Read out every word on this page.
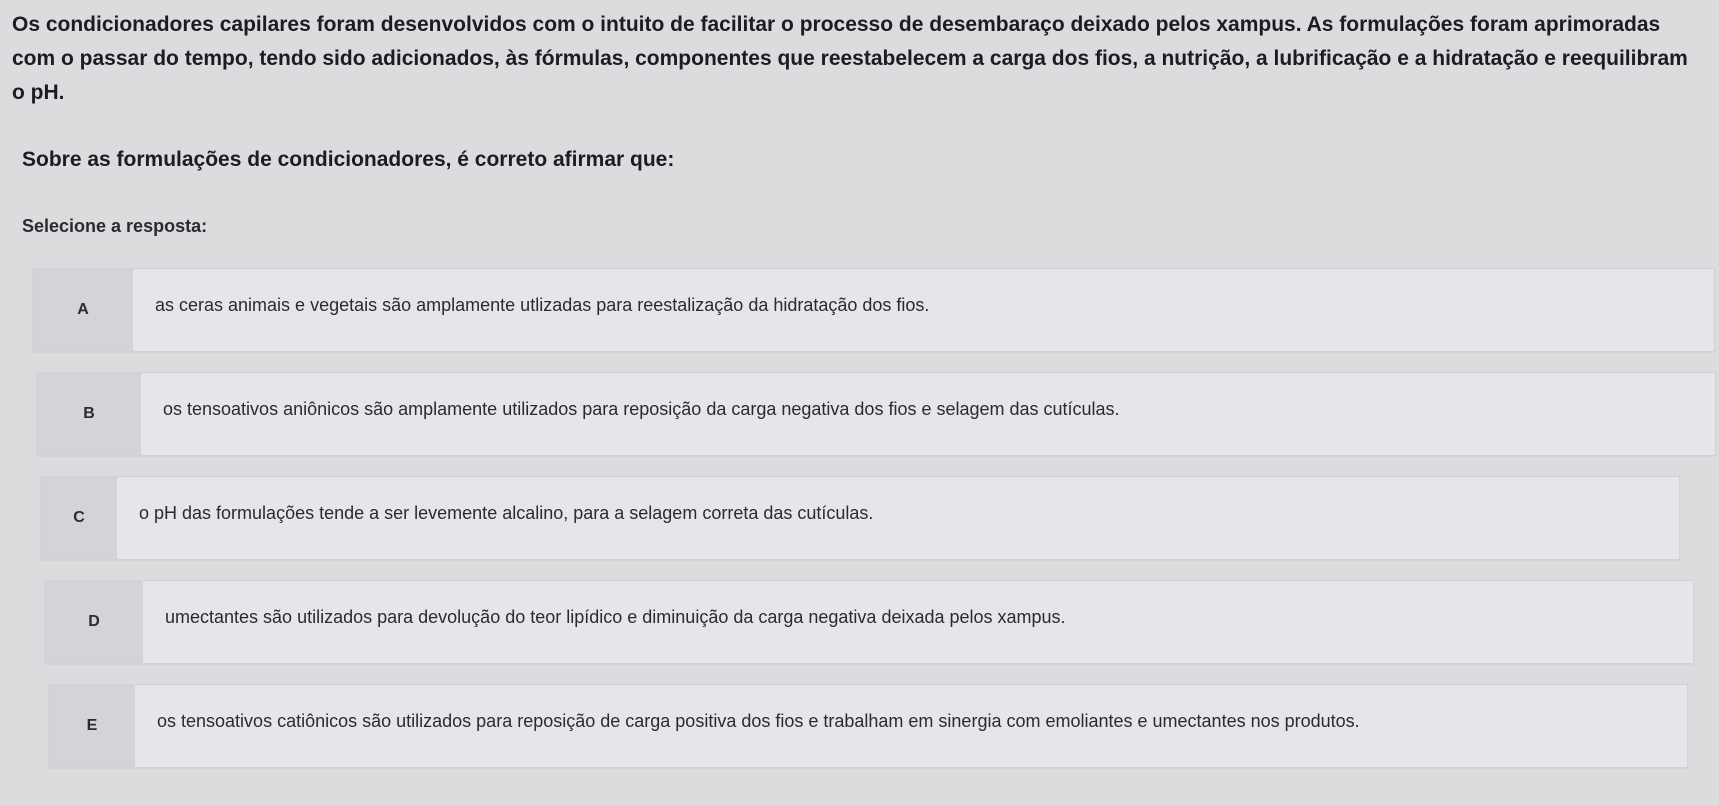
Os condicionadores capilares foram desenvolvidos com o intuito de facilitar o processo de desembaraço deixado pelos xampus. As formulações foram aprimoradas
com o passar do tempo, tendo sido adicionados, às fórmulas, componentes que reestabelecem a carga dos fios, a nutrição, a lubrificação e a hidratação e reequilibram
o pH.
Sobre as formulações de condicionadores, é correto afirmar que:
Selecione a resposta:
A	as ceras animais e vegetais são amplamente utlizadas para reestalização da hidratação dos fios.
B	os tensoativos aniônicos são amplamente utilizados para reposição da carga negativa dos fios e selagem das cutículas.
C	o pH das formulações tende a ser levemente alcalino, para a selagem correta das cutículas.
D	umectantes são utilizados para devolução do teor lipídico e diminuição da carga negativa deixada pelos xampus.
E	os tensoativos catiônicos são utilizados para reposição de carga positiva dos fios e trabalham em sinergia com emoliantes e umectantes nos produtos.
